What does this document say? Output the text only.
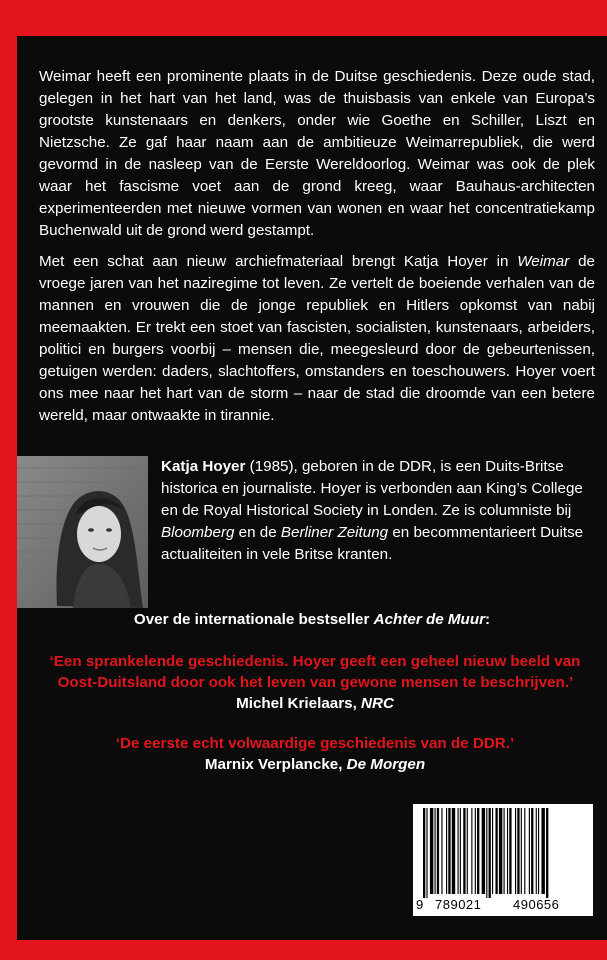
Weimar heeft een prominente plaats in de Duitse geschiedenis. Deze oude stad, gelegen in het hart van het land, was de thuisbasis van enkele van Europa’s grootste kunstenaars en denkers, onder wie Goethe en Schiller, Liszt en Nietzsche. Ze gaf haar naam aan de ambitieuze Weimarrepubliek, die werd gevormd in de nasleep van de Eerste Wereldoorlog. Weimar was ook de plek waar het fascisme voet aan de grond kreeg, waar Bauhaus-architecten experimenteerden met nieuwe vormen van wonen en waar het concentratiekamp Buchenwald uit de grond werd gestampt.

Met een schat aan nieuw archiefmateriaal brengt Katja Hoyer in Weimar de vroege jaren van het naziregime tot leven. Ze vertelt de boeiende verhalen van de mannen en vrouwen die de jonge republiek en Hitlers opkomst van nabij meemaakten. Er trekt een stoet van fascisten, socialisten, kunstenaars, arbeiders, politici en burgers voorbij – mensen die, meegesleurd door de gebeurtenissen, getuigen werden: daders, slachtoffers, omstanders en toeschouwers. Hoyer voert ons mee naar het hart van de storm – naar de stad die droomde van een betere wereld, maar ontwaakte in tirannie.

Katja Hoyer (1985), geboren in de DDR, is een Duits-Britse historica en journaliste. Hoyer is verbonden aan King’s College en de Royal Historical Society in Londen. Ze is columniste bij Bloomberg en de Berliner Zeitung en becommentarieert Duitse actualiteiten in vele Britse kranten.

Over de internationale bestseller Achter de Muur:

‘Een sprankelende geschiedenis. Hoyer geeft een geheel nieuw beeld van Oost-Duitsland door ook het leven van gewone mensen te beschrijven.’ Michel Krielaars, NRC

‘De eerste echt volwaardige geschiedenis van de DDR.’
Marnix Verplancke, De Morgen

9 789021 490656
